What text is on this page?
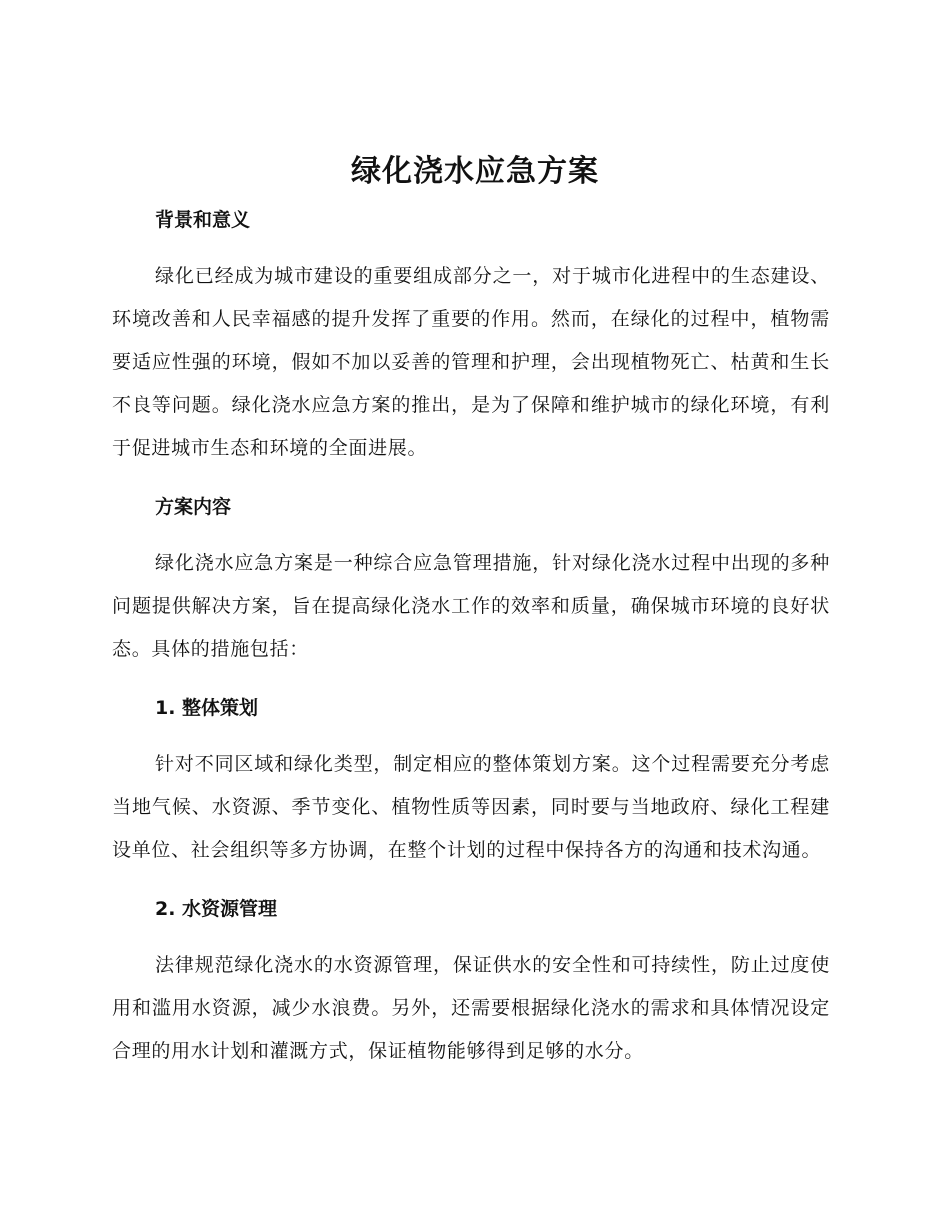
绿化浇水应急方案
背景和意义

绿化已经成为城市建设的重要组成部分之一，对于城市化进程中的生态建设、环境改善和人民幸福感的提升发挥了重要的作用。然而，在绿化的过程中，植物需要适应性强的环境，假如不加以妥善的管理和护理，会出现植物死亡、枯黄和生长不良等问题。绿化浇水应急方案的推出，是为了保障和维护城市的绿化环境，有利于促进城市生态和环境的全面进展。

方案内容

绿化浇水应急方案是一种综合应急管理措施，针对绿化浇水过程中出现的多种问题提供解决方案，旨在提高绿化浇水工作的效率和质量，确保城市环境的良好状态。具体的措施包括：

1. 整体策划

针对不同区域和绿化类型，制定相应的整体策划方案。这个过程需要充分考虑当地气候、水资源、季节变化、植物性质等因素，同时要与当地政府、绿化工程建设单位、社会组织等多方协调，在整个计划的过程中保持各方的沟通和技术沟通。

2. 水资源管理

法律规范绿化浇水的水资源管理，保证供水的安全性和可持续性，防止过度使用和滥用水资源，减少水浪费。另外，还需要根据绿化浇水的需求和具体情况设定合理的用水计划和灌溉方式，保证植物能够得到足够的水分。
